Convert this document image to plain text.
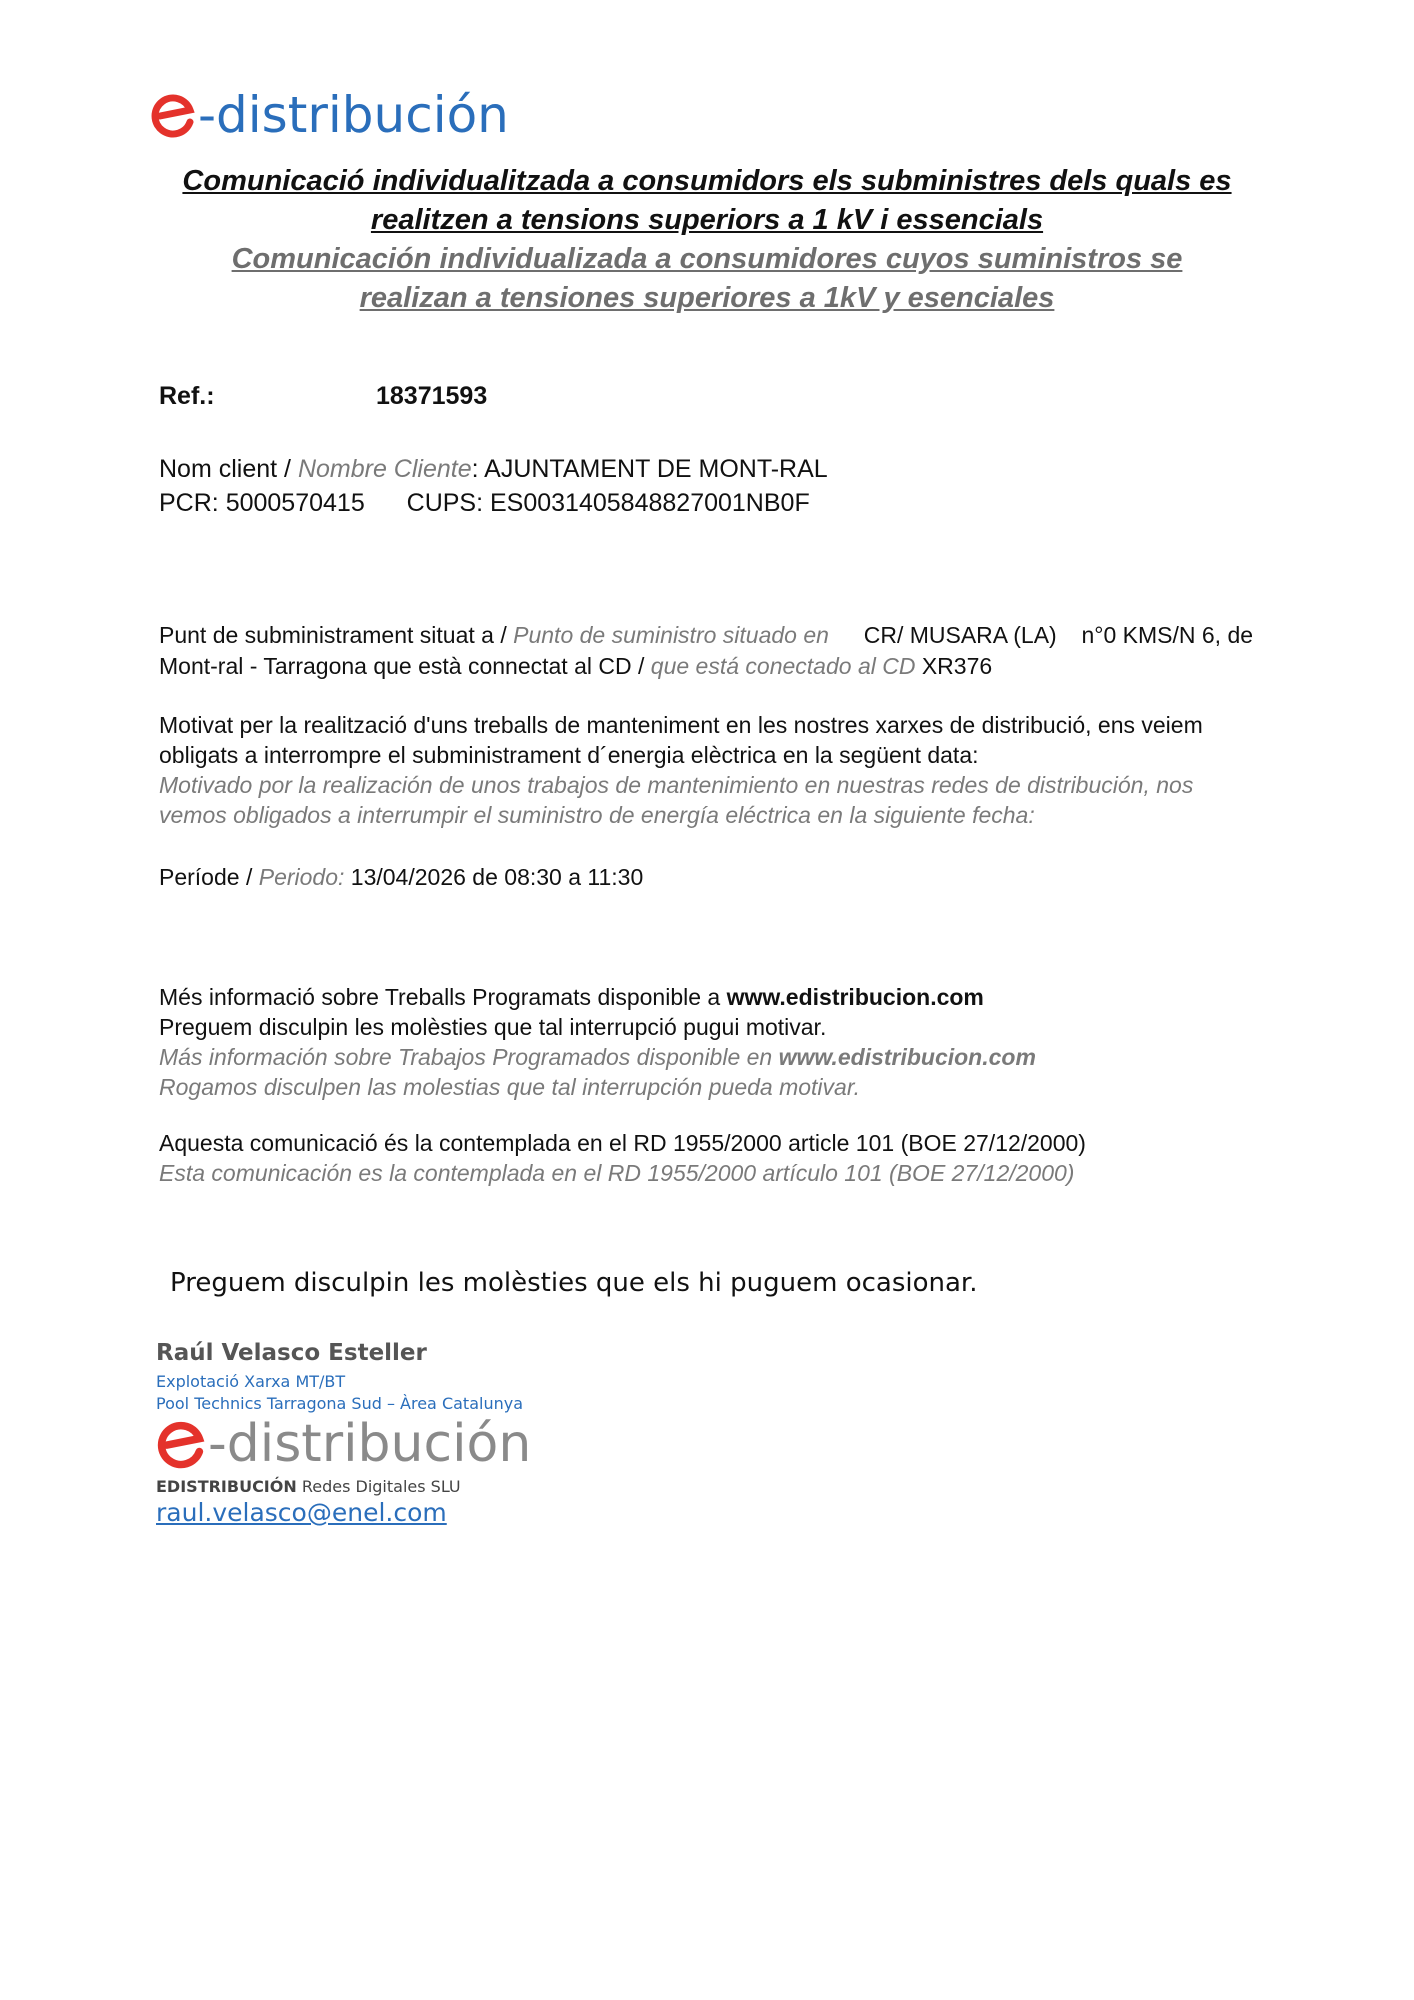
-distribución
Comunicació individualitzada a consumidors els subministres dels quals es
realitzen a tensions superiors a 1 kV i essencials
Comunicación individualizada a consumidores cuyos suministros se
realizan a tensiones superiores a 1kV y esenciales
Ref.:	18371593
Nom client / Nombre Cliente: AJUNTAMENT DE MONT-RAL
PCR: 5000570415 CUPS: ES0031405848827001NB0F
Punt de subministrament situat a / Punto de suministro situado en CR/ MUSARA (LA) n°0 KMS/N 6, de
Mont-ral - Tarragona que està connectat al CD / que está conectado al CD XR376
Motivat per la realització d'uns treballs de manteniment en les nostres xarxes de distribució, ens veiem
obligats a interrompre el subministrament d´energia elèctrica en la següent data:
Motivado por la realización de unos trabajos de mantenimiento en nuestras redes de distribución, nos
vemos obligados a interrumpir el suministro de energía eléctrica en la siguiente fecha:
Període / Periodo: 13/04/2026 de 08:30 a 11:30
Més informació sobre Treballs Programats disponible a www.edistribucion.com
Preguem disculpin les molèsties que tal interrupció pugui motivar.
Más información sobre Trabajos Programados disponible en www.edistribucion.com
Rogamos disculpen las molestias que tal interrupción pueda motivar.
Aquesta comunicació és la contemplada en el RD 1955/2000 article 101 (BOE 27/12/2000)
Esta comunicación es la contemplada en el RD 1955/2000 artículo 101 (BOE 27/12/2000)
Preguem disculpin les molèsties que els hi puguem ocasionar.
Raúl Velasco Esteller
Explotació Xarxa MT/BT
Pool Technics Tarragona Sud – Àrea Catalunya
-distribución
EDISTRIBUCIÓN Redes Digitales SLU
raul.velasco@enel.com
